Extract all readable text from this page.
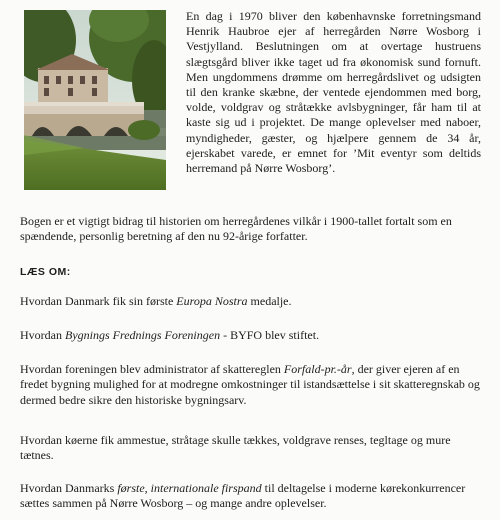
En dag i 1970 bliver den københavnske forretningsmand Henrik Haubroe ejer af herregården Nørre Wosborg i Vestjylland. Beslutningen om at overtage hustruens slægtsgård bliver ikke taget ud fra økonomisk sund fornuft. Men ungdommens drømme om herregårdslivet og udsigten til den kranke skæbne, der ventede ejendommen med borg, volde, voldgrav og stråtække avlsbygninger, får ham til at kaste sig ud i projektet. De mange oplevelser med naboer, myndigheder, gæster, og hjælpere gennem de 34 år, ejerskabet varede, er emnet for ’Mit eventyr som deltids herremand på Nørre Wosborg’.

Bogen er et vigtigt bidrag til historien om herregårdenes vilkår i 1900-tallet fortalt som en spændende, personlig beretning af den nu 92-årige forfatter.

LÆS OM:

Hvordan Danmark fik sin første Europa Nostra medalje.

Hvordan Bygnings Frednings Foreningen - BYFO blev stiftet.

Hvordan foreningen blev administrator af skattereglen Forfald-pr.-år, der giver ejeren af en fredet bygning mulighed for at modregne omkostninger til istandsættelse i sit skatteregnskab og dermed bedre sikre den historiske bygningsarv.

Hvordan køerne fik ammestue, stråtage skulle tækkes, voldgrave renses, tegltage og mure tætnes.

Hvordan Danmarks første, internationale firspand til deltagelse i moderne kørekonkurrencer sættes sammen på Nørre Wosborg – og mange andre oplevelser.
